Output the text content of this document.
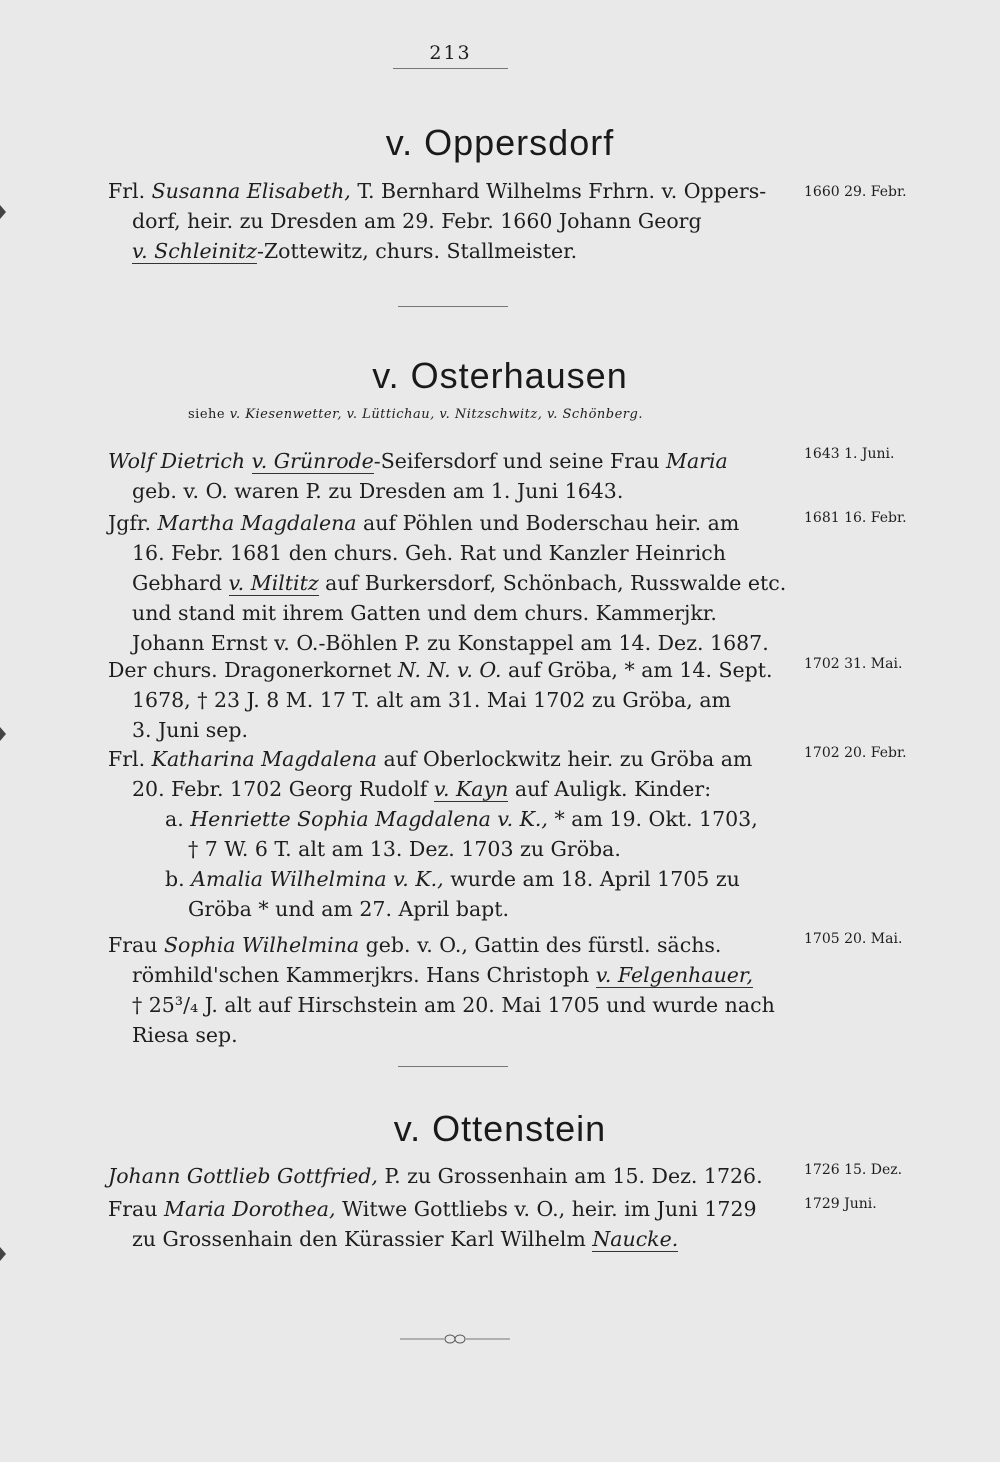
213
v. Oppersdorf
Frl. Susanna Elisabeth, T. Bernhard Wilhelms Frhrn. v. Oppers-
dorf, heir. zu Dresden am 29. Febr. 1660 Johann Georg
v. Schleinitz-Zottewitz, churs. Stallmeister.
1660 29. Febr.
v. Osterhausen
siehe v. Kiesenwetter, v. Lüttichau, v. Nitzschwitz, v. Schönberg.
Wolf Dietrich v. Grünrode-Seifersdorf und seine Frau Maria
geb. v. O. waren P. zu Dresden am 1. Juni 1643.
1643 1. Juni.
Jgfr. Martha Magdalena auf Pöhlen und Boderschau heir. am
16. Febr. 1681 den churs. Geh. Rat und Kanzler Heinrich
Gebhard v. Miltitz auf Burkersdorf, Schönbach, Russwalde etc.
und stand mit ihrem Gatten und dem churs. Kammerjkr.
Johann Ernst v. O.-Böhlen P. zu Konstappel am 14. Dez. 1687.
1681 16. Febr.
Der churs. Dragonerkornet N. N. v. O. auf Gröba, * am 14. Sept.
1678, † 23 J. 8 M. 17 T. alt am 31. Mai 1702 zu Gröba, am
3. Juni sep.
1702 31. Mai.
Frl. Katharina Magdalena auf Oberlockwitz heir. zu Gröba am
20. Febr. 1702 Georg Rudolf v. Kayn auf Auligk. Kinder:
a. Henriette Sophia Magdalena v. K., * am 19. Okt. 1703,
† 7 W. 6 T. alt am 13. Dez. 1703 zu Gröba.
b. Amalia Wilhelmina v. K., wurde am 18. April 1705 zu
Gröba * und am 27. April bapt.
1702 20. Febr.
Frau Sophia Wilhelmina geb. v. O., Gattin des fürstl. sächs.
römhild'schen Kammerjkrs. Hans Christoph v. Felgenhauer,
† 25³/₄ J. alt auf Hirschstein am 20. Mai 1705 und wurde nach
Riesa sep.
1705 20. Mai.
v. Ottenstein
Johann Gottlieb Gottfried, P. zu Grossenhain am 15. Dez. 1726.	1726 15. Dez.
Frau Maria Dorothea, Witwe Gottliebs v. O., heir. im Juni 1729
zu Grossenhain den Kürassier Karl Wilhelm Naucke.
1729 Juni.
